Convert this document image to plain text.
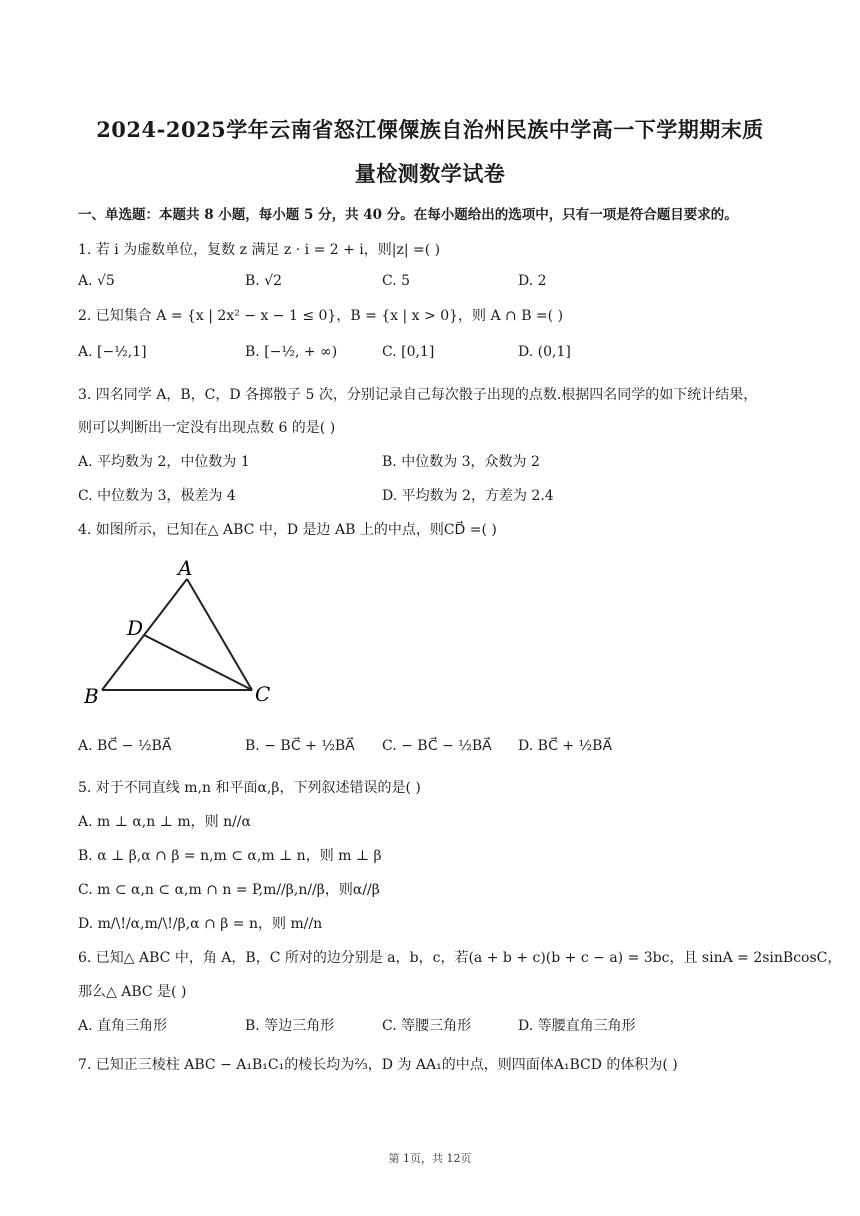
2024-2025学年云南省怒江傈僳族自治州民族中学高一下学期期末质
量检测数学试卷
一、单选题：本题共 8 小题，每小题 5 分，共 40 分。在每小题给出的选项中，只有一项是符合题目要求的。
1. 若 i 为虚数单位，复数 z 满足 z · i = 2 + i，则|z| =( )
A. √5	B. √2	C. 5	D. 2
2. 已知集合 A = {x | 2x² − x − 1 ≤ 0}，B = {x | x > 0}，则 A ∩ B =( )
A. [−½,1]	B. [−½, + ∞)	C. [0,1]	D. (0,1]
3. 四名同学 A，B，C，D 各掷骰子 5 次，分别记录自己每次骰子出现的点数.根据四名同学的如下统计结果，
则可以判断出一定没有出现点数 6 的是( )
A. 平均数为 2，中位数为 1	B. 中位数为 3，众数为 2
C. 中位数为 3，极差为 4	D. 平均数为 2，方差为 2.4
4. 如图所示，已知在△ ABC 中，D 是边 AB 上的中点，则CD⃗ =( )
A
D
B	C
A. BC⃗ − ½BA⃗	B. − BC⃗ + ½BA⃗ C. − BC⃗ − ½BA⃗ D. BC⃗ + ½BA⃗
5. 对于不同直线 m,n 和平面α,β，下列叙述错误的是( )
A. m ⊥ α,n ⊥ m，则 n//α
B. α ⊥ β,α ∩ β = n,m ⊂ α,m ⊥ n，则 m ⊥ β
C. m ⊂ α,n ⊂ α,m ∩ n = P,m//β,n//β，则α//β
D. m/\!/α,m/\!/β,α ∩ β = n，则 m//n
6. 已知△ ABC 中，角 A，B，C 所对的边分别是 a，b，c，若(a + b + c)(b + c − a) = 3bc，且 sinA = 2sinBcosC，
那么△ ABC 是( )
A. 直角三角形	B. 等边三角形	C. 等腰三角形	D. 等腰直角三角形
7. 已知正三棱柱 ABC − A₁B₁C₁的棱长均为⅔，D 为 AA₁的中点，则四面体A₁BCD 的体积为( )
第 1页，共 12页
